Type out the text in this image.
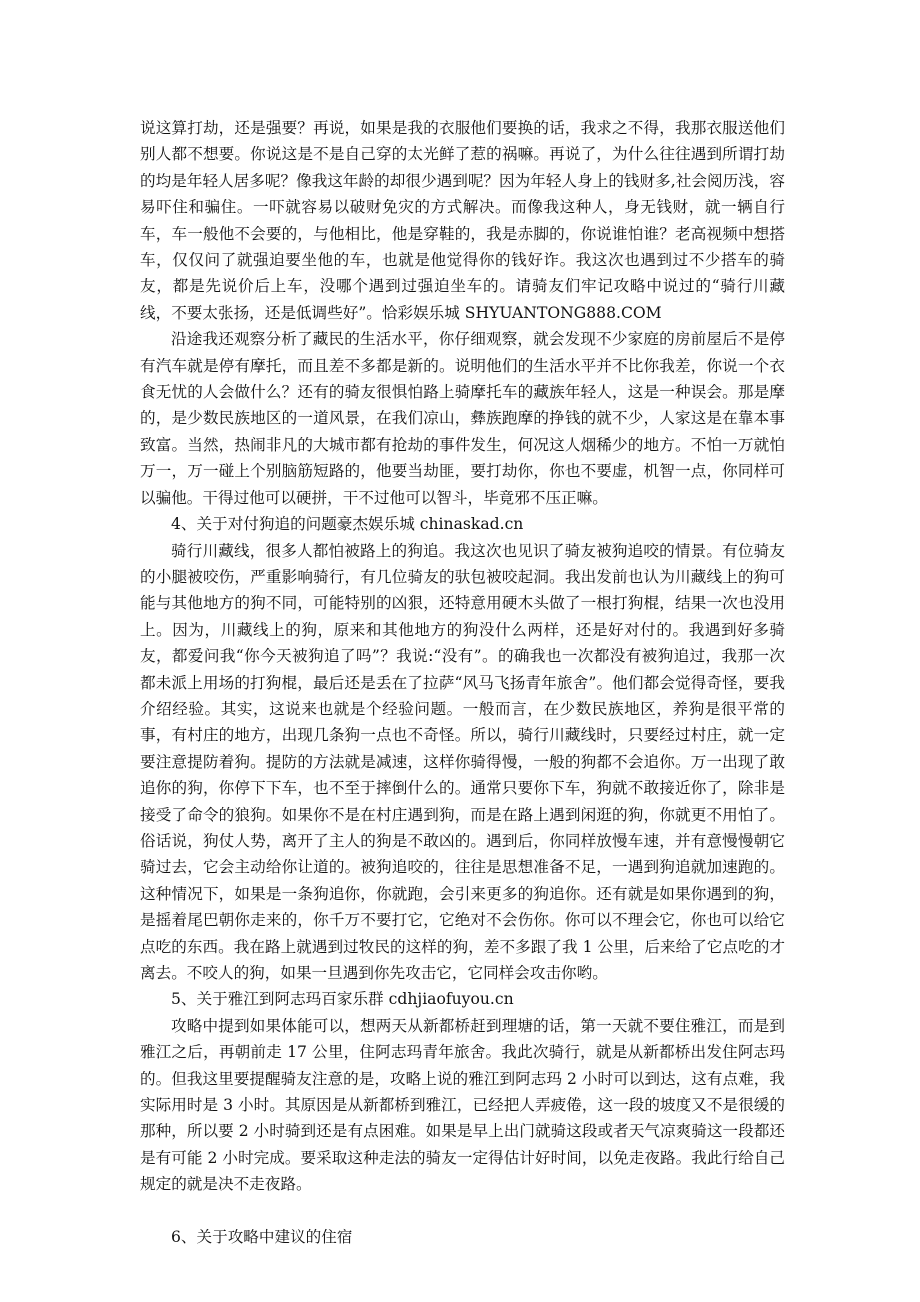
说这算打劫，还是强要？再说，如果是我的衣服他们要换的话，我求之不得，我那衣服送他们别人都不想要。你说这是不是自己穿的太光鲜了惹的祸嘛。再说了，为什么往往遇到所谓打劫的均是年轻人居多呢？像我这年龄的却很少遇到呢？因为年轻人身上的钱财多,社会阅历浅，容易吓住和骗住。一吓就容易以破财免灾的方式解决。而像我这种人，身无钱财，就一辆自行车，车一般他不会要的，与他相比，他是穿鞋的，我是赤脚的，你说谁怕谁？老高视频中想搭车，仅仅问了就强迫要坐他的车，也就是他觉得你的钱好诈。我这次也遇到过不少搭车的骑友，都是先说价后上车，没哪个遇到过强迫坐车的。请骑友们牢记攻略中说过的“骑行川藏线，不要太张扬，还是低调些好”。恰彩娱乐城 SHYUANTONG888.COM

沿途我还观察分析了藏民的生活水平，你仔细观察，就会发现不少家庭的房前屋后不是停有汽车就是停有摩托，而且差不多都是新的。说明他们的生活水平并不比你我差，你说一个衣食无忧的人会做什么？还有的骑友很惧怕路上骑摩托车的藏族年轻人，这是一种误会。那是摩的，是少数民族地区的一道风景，在我们凉山，彝族跑摩的挣钱的就不少，人家这是在靠本事致富。当然，热闹非凡的大城市都有抢劫的事件发生，何况这人烟稀少的地方。不怕一万就怕万一，万一碰上个别脑筋短路的，他要当劫匪，要打劫你，你也不要虚，机智一点，你同样可以骗他。干得过他可以硬拼，干不过他可以智斗，毕竟邪不压正嘛。

4、关于对付狗追的问题豪杰娱乐城 chinaskad.cn

骑行川藏线，很多人都怕被路上的狗追。我这次也见识了骑友被狗追咬的情景。有位骑友的小腿被咬伤，严重影响骑行，有几位骑友的驮包被咬起洞。我出发前也认为川藏线上的狗可能与其他地方的狗不同，可能特别的凶狠，还特意用硬木头做了一根打狗棍，结果一次也没用上。因为，川藏线上的狗，原来和其他地方的狗没什么两样，还是好对付的。我遇到好多骑友，都爱问我“你今天被狗追了吗”？我说:“没有”。的确我也一次都没有被狗追过，我那一次都未派上用场的打狗棍，最后还是丢在了拉萨“风马飞扬青年旅舍”。他们都会觉得奇怪，要我介绍经验。其实，这说来也就是个经验问题。一般而言，在少数民族地区，养狗是很平常的事，有村庄的地方，出现几条狗一点也不奇怪。所以，骑行川藏线时，只要经过村庄，就一定要注意提防着狗。提防的方法就是减速，这样你骑得慢，一般的狗都不会追你。万一出现了敢追你的狗，你停下下车，也不至于摔倒什么的。通常只要你下车，狗就不敢接近你了，除非是接受了命令的狼狗。如果你不是在村庄遇到狗，而是在路上遇到闲逛的狗，你就更不用怕了。俗话说，狗仗人势，离开了主人的狗是不敢凶的。遇到后，你同样放慢车速，并有意慢慢朝它骑过去，它会主动给你让道的。被狗追咬的，往往是思想准备不足，一遇到狗追就加速跑的。这种情况下，如果是一条狗追你，你就跑，会引来更多的狗追你。还有就是如果你遇到的狗，是摇着尾巴朝你走来的，你千万不要打它，它绝对不会伤你。你可以不理会它，你也可以给它点吃的东西。我在路上就遇到过牧民的这样的狗，差不多跟了我 1 公里，后来给了它点吃的才离去。不咬人的狗，如果一旦遇到你先攻击它，它同样会攻击你哟。

5、关于雅江到阿志玛百家乐群 cdhjiaofuyou.cn

攻略中提到如果体能可以，想两天从新都桥赶到理塘的话，第一天就不要住雅江，而是到雅江之后，再朝前走 17 公里，住阿志玛青年旅舍。我此次骑行，就是从新都桥出发住阿志玛的。但我这里要提醒骑友注意的是，攻略上说的雅江到阿志玛 2 小时可以到达，这有点难，我实际用时是 3 小时。其原因是从新都桥到雅江，已经把人弄疲倦，这一段的坡度又不是很缓的那种，所以要 2 小时骑到还是有点困难。如果是早上出门就骑这段或者天气凉爽骑这一段都还是有可能 2 小时完成。要采取这种走法的骑友一定得估计好时间，以免走夜路。我此行给自己规定的就是决不走夜路。

6、关于攻略中建议的住宿
